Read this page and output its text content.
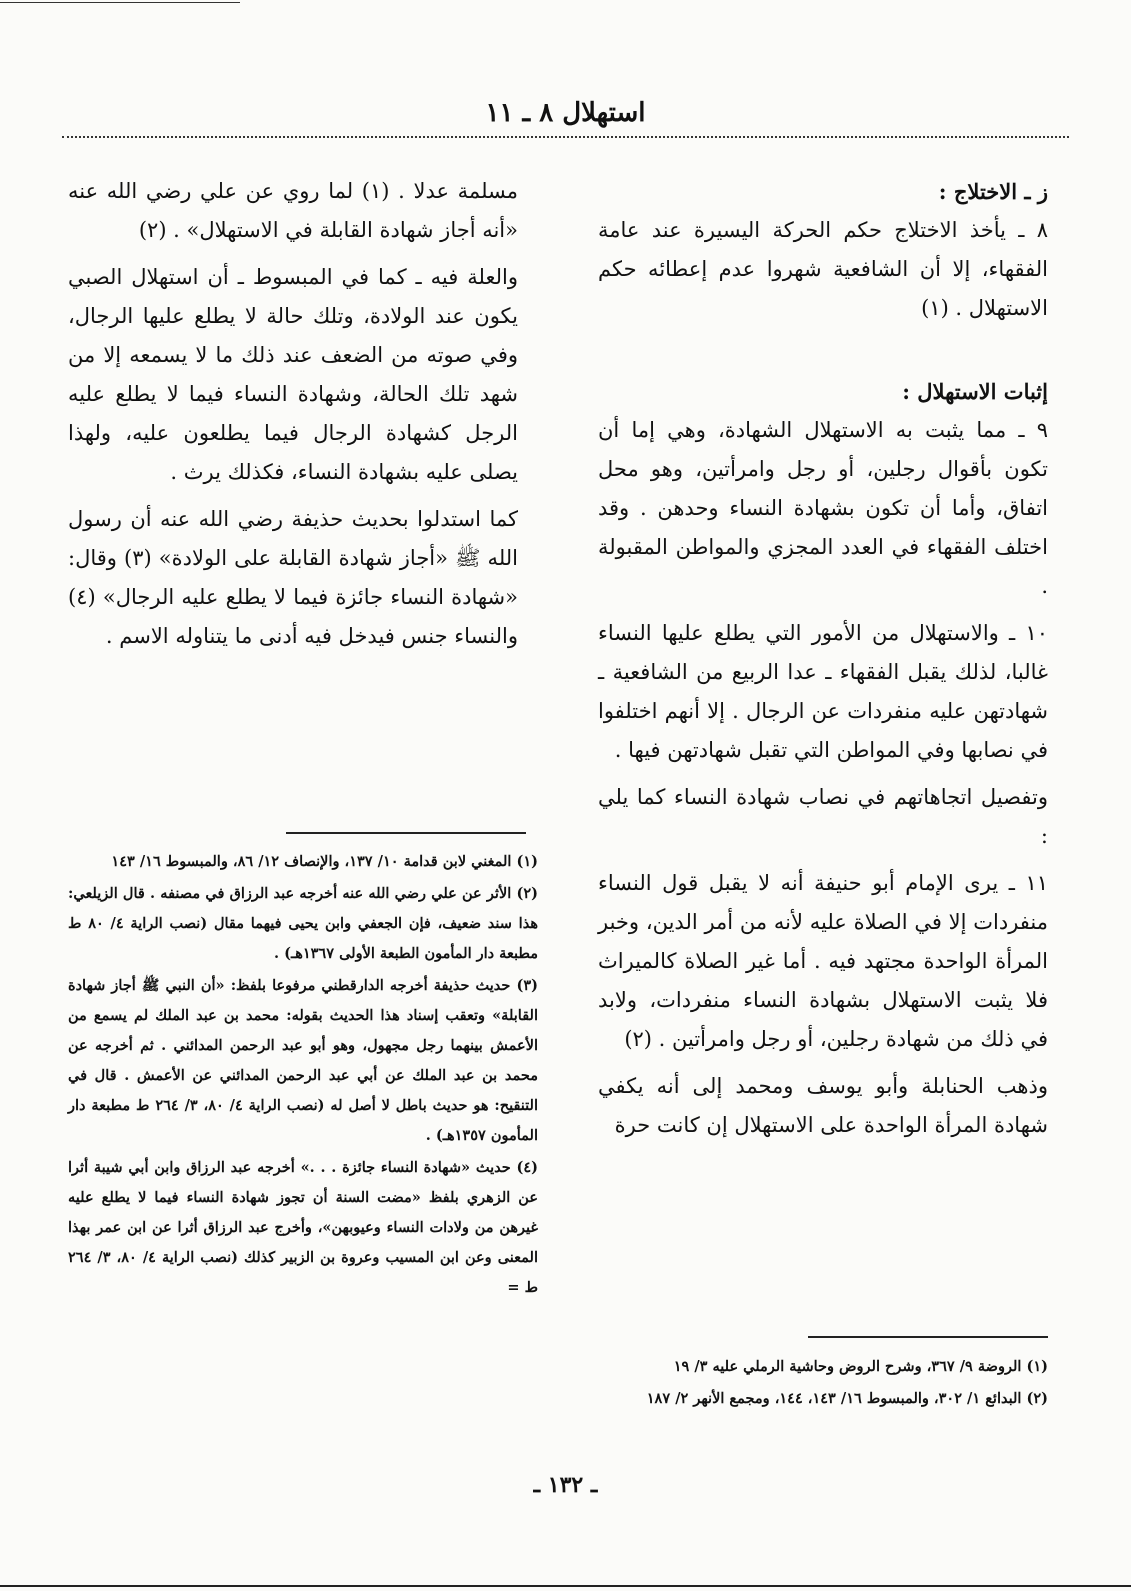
استهلال ٨ ـ ١١
ز ـ الاختلاج :

٨ ـ يأخذ الاختلاج حكم الحركة اليسيرة عند عامة الفقهاء، إلا أن الشافعية شهروا عدم إعطائه حكم الاستهلال . (١)

إثبات الاستهلال :

٩ ـ مما يثبت به الاستهلال الشهادة، وهي إما أن تكون بأقوال رجلين، أو رجل وامرأتين، وهو محل اتفاق، وأما أن تكون بشهادة النساء وحدهن . وقد اختلف الفقهاء في العدد المجزي والمواطن المقبولة .

١٠ ـ والاستهلال من الأمور التي يطلع عليها النساء غالبا، لذلك يقبل الفقهاء ـ عدا الربيع من الشافعية ـ شهادتهن عليه منفردات عن الرجال . إلا أنهم اختلفوا في نصابها وفي المواطن التي تقبل شهادتهن فيها .

وتفصيل اتجاهاتهم في نصاب شهادة النساء كما يلي :

١١ ـ يرى الإمام أبو حنيفة أنه لا يقبل قول النساء منفردات إلا في الصلاة عليه لأنه من أمر الدين، وخبر المرأة الواحدة مجتهد فيه . أما غير الصلاة كالميراث فلا يثبت الاستهلال بشهادة النساء منفردات، ولابد في ذلك من شهادة رجلين، أو رجل وامرأتين . (٢)

وذهب الحنابلة وأبو يوسف ومحمد إلى أنه يكفي شهادة المرأة الواحدة على الاستهلال إن كانت حرة

مسلمة عدلا . (١) لما روي عن علي رضي الله عنه «أنه أجاز شهادة القابلة في الاستهلال» . (٢)

والعلة فيه ـ كما في المبسوط ـ أن استهلال الصبي يكون عند الولادة، وتلك حالة لا يطلع عليها الرجال، وفي صوته من الضعف عند ذلك ما لا يسمعه إلا من شهد تلك الحالة، وشهادة النساء فيما لا يطلع عليه الرجل كشهادة الرجال فيما يطلعون عليه، ولهذا يصلى عليه بشهادة النساء، فكذلك يرث .

كما استدلوا بحديث حذيفة رضي الله عنه أن رسول الله ﷺ «أجاز شهادة القابلة على الولادة» (٣) وقال: «شهادة النساء جائزة فيما لا يطلع عليه الرجال» (٤) والنساء جنس فيدخل فيه أدنى ما يتناوله الاسم .

(١) المغني لابن قدامة ١٠/ ١٣٧، والإنصاف ١٢/ ٨٦، والمبسوط ١٦/ ١٤٣

(٢) الأثر عن علي رضي الله عنه أخرجه عبد الرزاق في مصنفه . قال الزيلعي: هذا سند ضعيف، فإن الجعفي وابن يحيى فيهما مقال (نصب الراية ٤/ ٨٠ ط مطبعة دار المأمون الطبعة الأولى ١٣٦٧هـ) .

(٣) حديث حذيفة أخرجه الدارقطني مرفوعا بلفظ: «أن النبي ﷺ أجاز شهادة القابلة» وتعقب إسناد هذا الحديث بقوله: محمد بن عبد الملك لم يسمع من الأعمش بينهما رجل مجهول، وهو أبو عبد الرحمن المدائني . ثم أخرجه عن محمد بن عبد الملك عن أبي عبد الرحمن المدائني عن الأعمش . قال في التنقيح: هو حديث باطل لا أصل له (نصب الراية ٤/ ٨٠، ٣/ ٢٦٤ ط مطبعة دار المأمون ١٣٥٧هـ) .

(٤) حديث «شهادة النساء جائزة . . .» أخرجه عبد الرزاق وابن أبي شيبة أثرا عن الزهري بلفظ «مضت السنة أن تجوز شهادة النساء فيما لا يطلع عليه غيرهن من ولادات النساء وعيوبهن»، وأخرج عبد الرزاق أثرا عن ابن عمر بهذا المعنى وعن ابن المسيب وعروة بن الزبير كذلك (نصب الراية ٤/ ٨٠، ٣/ ٢٦٤ ط =

(١) الروضة ٩/ ٣٦٧، وشرح الروض وحاشية الرملي عليه ٣/ ١٩

(٢) البدائع ١/ ٣٠٢، والمبسوط ١٦/ ١٤٣، ١٤٤، ومجمع الأنهر ٢/ ١٨٧

ـ ١٣٢ ـ
